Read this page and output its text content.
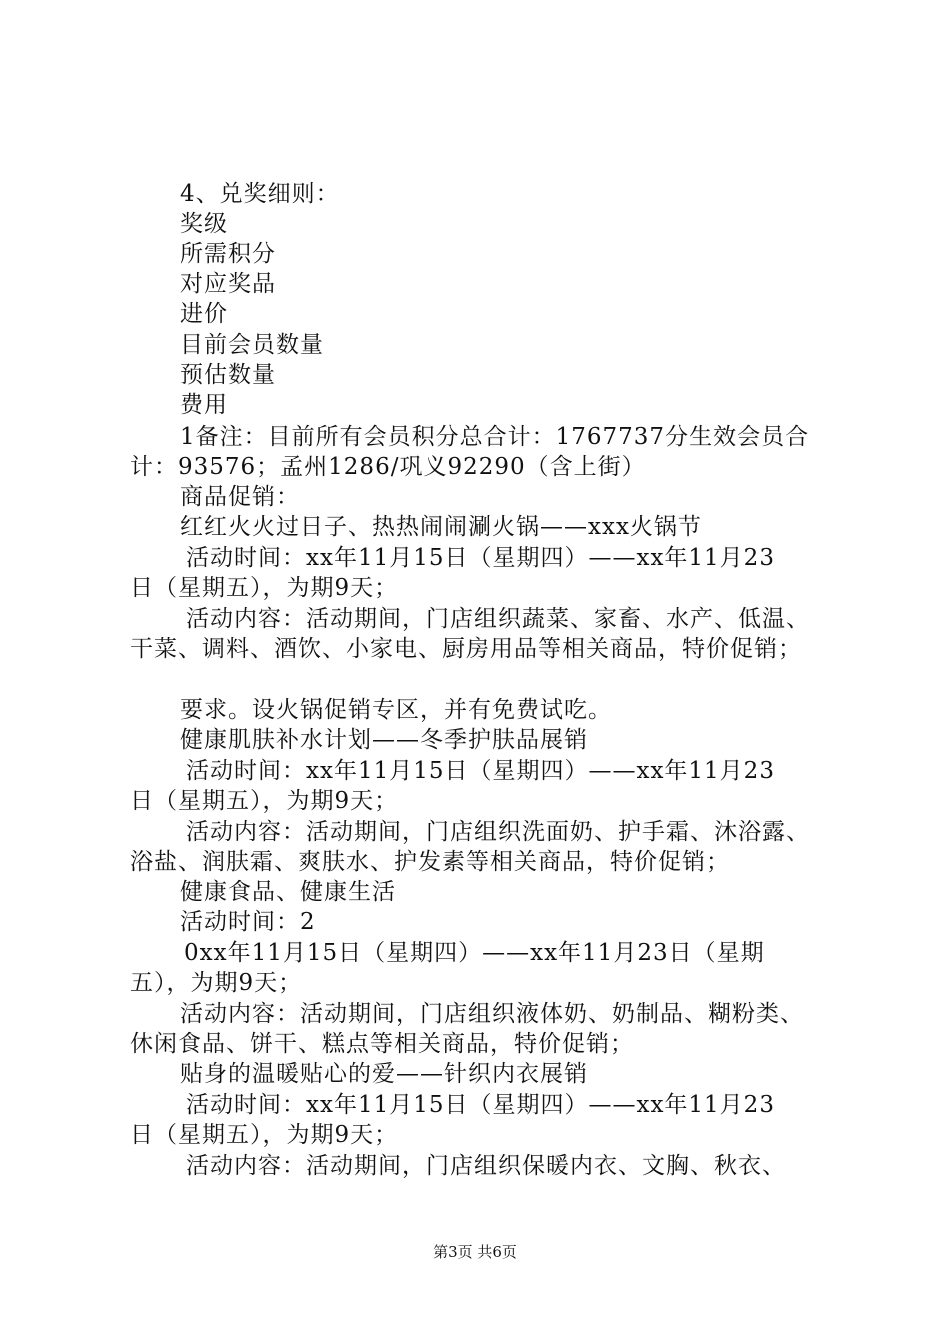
4、兑奖细则：
奖级
所需积分
对应奖品
进价
目前会员数量
预估数量
费用
1备注：目前所有会员积分总合计：1767737分生效会员合
计：93576；孟州1286/巩义92290（含上街）
商品促销：
红红火火过日子、热热闹闹涮火锅——xxx火锅节
活动时间：xx年11月15日（星期四）——xx年11月23
日（星期五），为期9天；
活动内容：活动期间，门店组织蔬菜、家畜、水产、低温、
干菜、调料、酒饮、小家电、厨房用品等相关商品，特价促销；
要求。设火锅促销专区，并有免费试吃。
健康肌肤补水计划——冬季护肤品展销
活动时间：xx年11月15日（星期四）——xx年11月23
日（星期五），为期9天；
活动内容：活动期间，门店组织洗面奶、护手霜、沐浴露、
浴盐、润肤霜、爽肤水、护发素等相关商品，特价促销；
健康食品、健康生活
活动时间：2
0xx年11月15日（星期四）——xx年11月23日（星期
五），为期9天；
活动内容：活动期间，门店组织液体奶、奶制品、糊粉类、
休闲食品、饼干、糕点等相关商品，特价促销；
贴身的温暖贴心的爱——针织内衣展销
活动时间：xx年11月15日（星期四）——xx年11月23
日（星期五），为期9天；
活动内容：活动期间，门店组织保暖内衣、文胸、秋衣、
第3页 共6页
